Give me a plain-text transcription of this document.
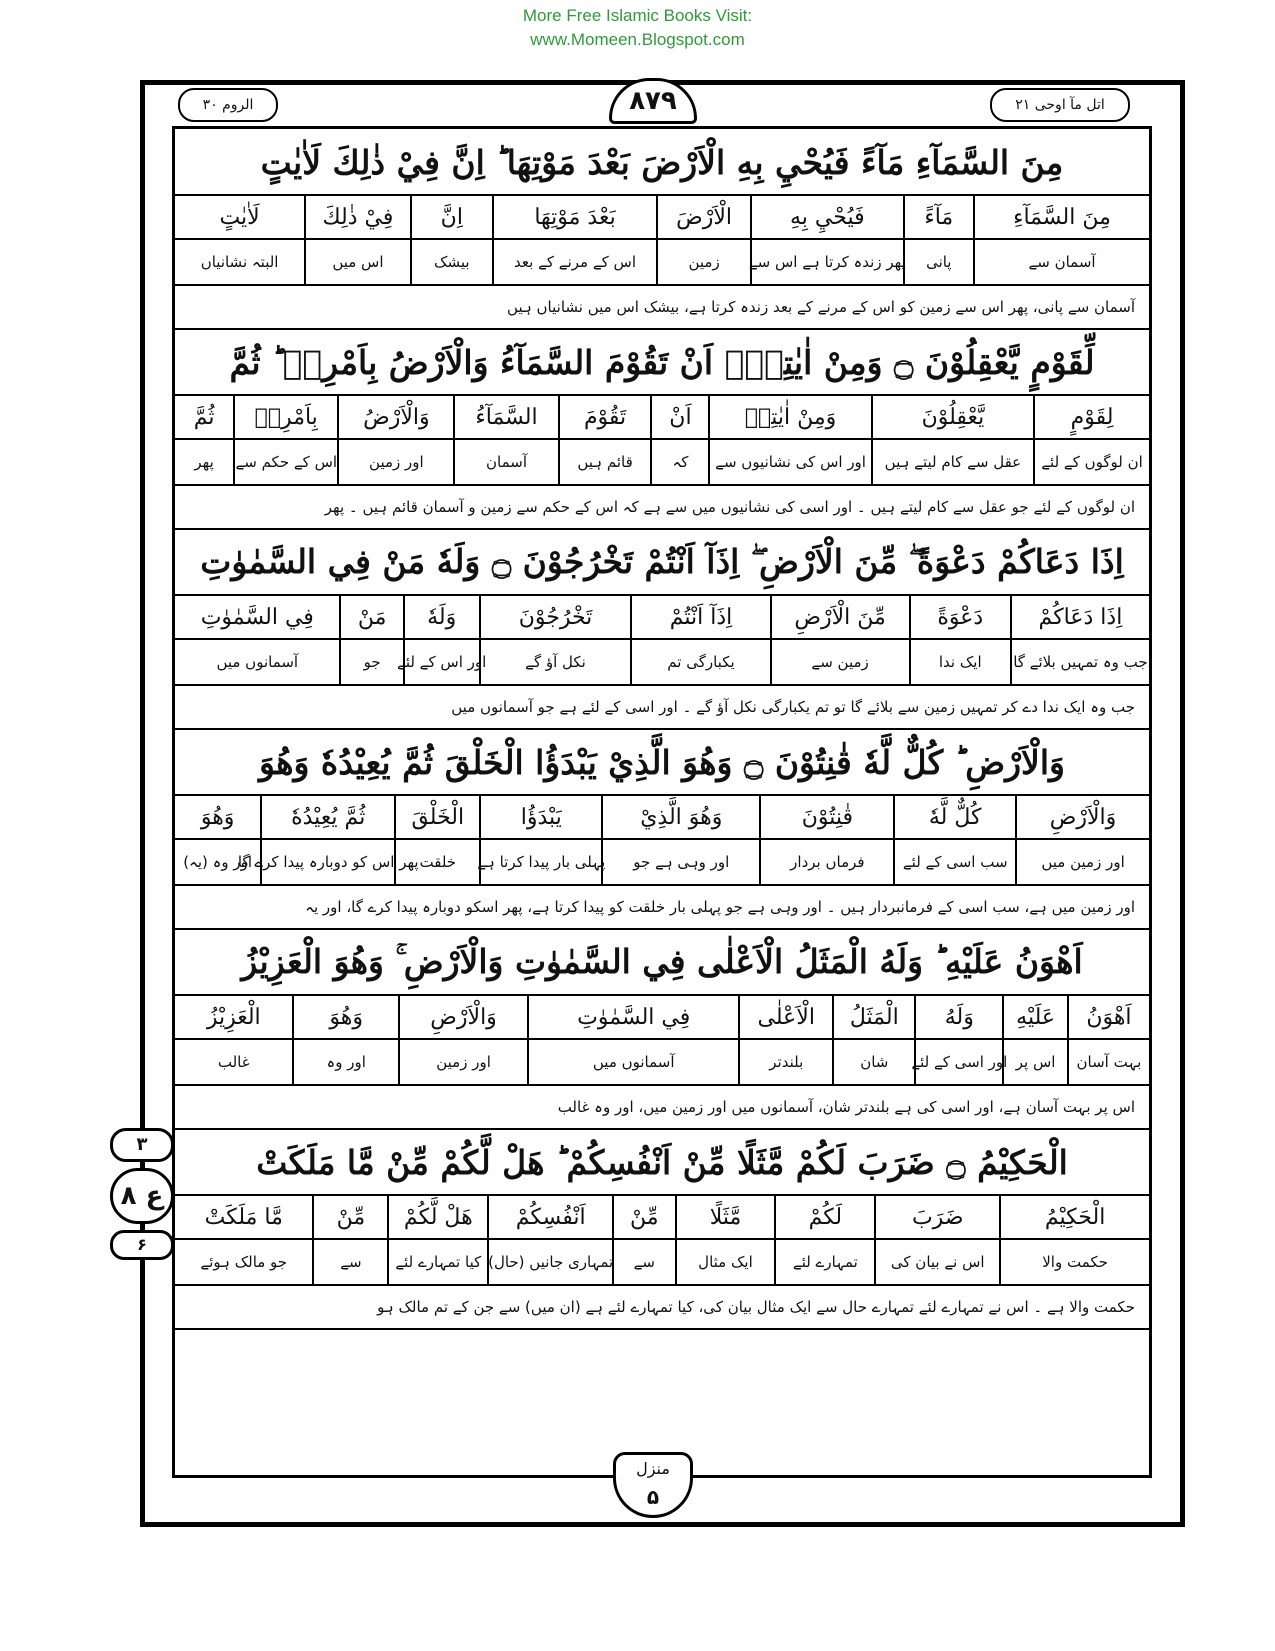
More Free Islamic Books Visit:
www.Momeen.Blogspot.com
اتل مآ اوحی ۲۱
الروم ۳۰	۸۷۹
مِنَ السَّمَآءِ مَآءً فَيُحْيِ بِهِ الْاَرْضَ بَعْدَ مَوْتِهَا ؕ اِنَّ فِيْ ذٰلِكَ لَاٰيٰتٍ
مِنَ السَّمَآءِ
مَآءً
فَيُحْيِ بِهِ
الْاَرْضَ
بَعْدَ مَوْتِهَا
اِنَّ
فِيْ ذٰلِكَ
لَاٰيٰتٍ
آسمان سے
پانی
پھر زندہ کرتا ہے اس سے
زمین
اس کے مرنے کے بعد
بیشک
اس میں
البتہ نشانیاں
آسمان سے پانی، پھر اس سے زمین کو اس کے مرنے کے بعد زندہ کرتا ہے، بیشک اس میں نشانیاں ہیں
لِّقَوْمٍ يَّعْقِلُوْنَ ۝ وَمِنْ اٰيٰتِهٖۤ اَنْ تَقُوْمَ السَّمَآءُ وَالْاَرْضُ بِاَمْرِهٖ ؕ ثُمَّ
لِقَوْمٍ
يَّعْقِلُوْنَ
وَمِنْ اٰيٰتِهٖ
اَنْ
تَقُوْمَ
السَّمَآءُ
وَالْاَرْضُ
بِاَمْرِهٖ
ثُمَّ
ان لوگوں کے لئے
عقل سے کام لیتے ہیں
اور اس کی نشانیوں سے
کہ
قائم ہیں
آسمان
اور زمین
اس کے حکم سے
پھر
ان لوگوں کے لئے جو عقل سے کام لیتے ہیں ۔ اور اسی کی نشانیوں میں سے ہے کہ اس کے حکم سے زمین و آسمان قائم ہیں ۔ پھر
اِذَا دَعَاكُمْ دَعْوَةً ۖ مِّنَ الْاَرْضِ ۖ اِذَآ اَنْتُمْ تَخْرُجُوْنَ ۝ وَلَهٗ مَنْ فِي السَّمٰوٰتِ
اِذَا دَعَاكُمْ
دَعْوَةً
مِّنَ الْاَرْضِ
اِذَآ اَنْتُمْ
تَخْرُجُوْنَ
وَلَهٗ
مَنْ
فِي السَّمٰوٰتِ
جب وہ تمہیں بلائے گا
ایک ندا
زمین سے
یکبارگی تم
نکل آؤ گے
اور اس کے لئے
جو
آسمانوں میں
جب وہ ایک ندا دے کر تمہیں زمین سے بلائے گا تو تم یکبارگی نکل آؤ گے ۔ اور اسی کے لئے ہے جو آسمانوں میں
وَالْاَرْضِ ؕ كُلٌّ لَّهٗ قٰنِتُوْنَ ۝ وَهُوَ الَّذِيْ يَبْدَؤُا الْخَلْقَ ثُمَّ يُعِيْدُهٗ وَهُوَ
وَالْاَرْضِ
كُلٌّ لَّهٗ
قٰنِتُوْنَ
وَهُوَ الَّذِيْ
يَبْدَؤُا
الْخَلْقَ
ثُمَّ يُعِيْدُهٗ
وَهُوَ
اور زمین میں
سب اسی کے لئے
فرماں بردار
اور وہی ہے جو
پہلی بار پیدا کرتا ہے
خلقت
پھر اس کو دوبارہ پیدا کرے گا
اور وہ (یہ)
اور زمین میں ہے، سب اسی کے فرمانبردار ہیں ۔ اور وہی ہے جو پہلی بار خلقت کو پیدا کرتا ہے، پھر اسکو دوبارہ پیدا کرے گا، اور یہ
اَهْوَنُ عَلَيْهِ ؕ وَلَهُ الْمَثَلُ الْاَعْلٰى فِي السَّمٰوٰتِ وَالْاَرْضِ ۚ وَهُوَ الْعَزِيْزُ
اَهْوَنُ
عَلَيْهِ
وَلَهُ
الْمَثَلُ
الْاَعْلٰى
فِي السَّمٰوٰتِ
وَالْاَرْضِ
وَهُوَ
الْعَزِيْزُ
بہت آسان
اس پر
اور اسی کے لئے
شان
بلندتر
آسمانوں میں
اور زمین
اور وہ
غالب
اس پر بہت آسان ہے، اور اسی کی ہے بلندتر شان، آسمانوں میں اور زمین میں، اور وہ غالب
الْحَكِيْمُ ۝ ضَرَبَ لَكُمْ مَّثَلًا مِّنْ اَنْفُسِكُمْ ؕ هَلْ لَّكُمْ مِّنْ مَّا مَلَكَتْ
الْحَكِيْمُ
ضَرَبَ
لَكُمْ
مَّثَلًا
مِّنْ
اَنْفُسِكُمْ
هَلْ لَّكُمْ
مِّنْ
مَّا مَلَكَتْ
حکمت والا
اس نے بیان کی
تمہارے لئے
ایک مثال
سے
تمہاری جانیں (حال)
کیا تمہارے لئے
سے
جو مالک ہوئے
حکمت والا ہے ۔ اس نے تمہارے لئے تمہارے حال سے ایک مثال بیان کی، کیا تمہارے لئے ہے (ان میں) سے جن کے تم مالک ہو
۳
ع ۸
۶
منزل
۵
